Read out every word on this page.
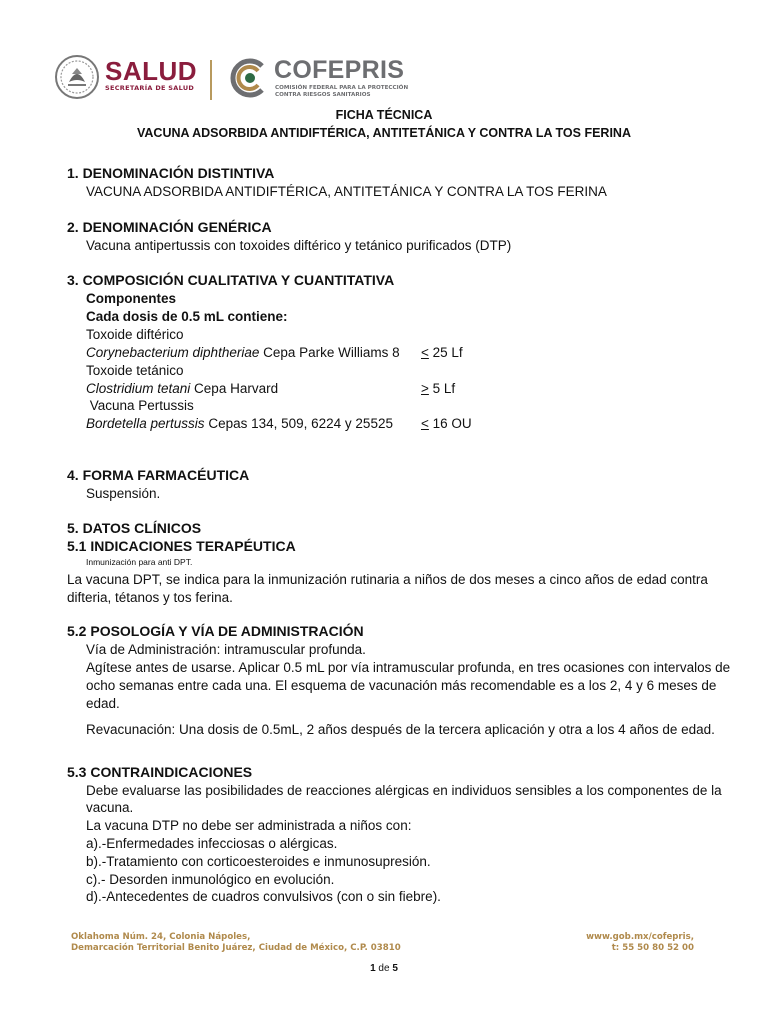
SALUD
SECRETARÍA DE SALUD
COFEPRIS
COMISIÓN FEDERAL PARA LA PROTECCIÓN
CONTRA RIESGOS SANITARIOS
FICHA TÉCNICA
VACUNA ADSORBIDA ANTIDIFTÉRICA, ANTITETÁNICA Y CONTRA LA TOS FERINA
1. DENOMINACIÓN DISTINTIVA
VACUNA ADSORBIDA ANTIDIFTÉRICA, ANTITETÁNICA Y CONTRA LA TOS FERINA
2. DENOMINACIÓN GENÉRICA
Vacuna antipertussis con toxoides diftérico y tetánico purificados (DTP)
3. COMPOSICIÓN CUALITATIVA Y CUANTITATIVA
Componentes
Cada dosis de 0.5 mL contiene:
Toxoide diftérico
Corynebacterium diphtheriae Cepa Parke Williams 8 < 25 Lf
Toxoide tetánico
Clostridium tetani Cepa Harvard	> 5 Lf
Vacuna Pertussis
Bordetella pertussis Cepas 134, 509, 6224 y 25525 < 16 OU
4. FORMA FARMACÉUTICA
Suspensión.
5. DATOS CLÍNICOS
5.1 INDICACIONES TERAPÉUTICA
Inmunización para anti DPT.
La vacuna DPT, se indica para la inmunización rutinaria a niños de dos meses a cinco años de edad contra
difteria, tétanos y tos ferina.
5.2 POSOLOGÍA Y VÍA DE ADMINISTRACIÓN
Vía de Administración: intramuscular profunda.
Agítese antes de usarse. Aplicar 0.5 mL por vía intramuscular profunda, en tres ocasiones con intervalos de
ocho semanas entre cada una. El esquema de vacunación más recomendable es a los 2, 4 y 6 meses de
edad.
Revacunación: Una dosis de 0.5mL, 2 años después de la tercera aplicación y otra a los 4 años de edad.
5.3 CONTRAINDICACIONES
Debe evaluarse las posibilidades de reacciones alérgicas en individuos sensibles a los componentes de la
vacuna.
La vacuna DTP no debe ser administrada a niños con:
a).-Enfermedades infecciosas o alérgicas.
b).-Tratamiento con corticoesteroides e inmunosupresión.
c).- Desorden inmunológico en evolución.
d).-Antecedentes de cuadros convulsivos (con o sin fiebre).
Oklahoma Núm. 24, Colonia Nápoles,
Demarcación Territorial Benito Juárez, Ciudad de México, C.P. 03810
www.gob.mx/cofepris,
t: 55 50 80 52 00
1 de 5
